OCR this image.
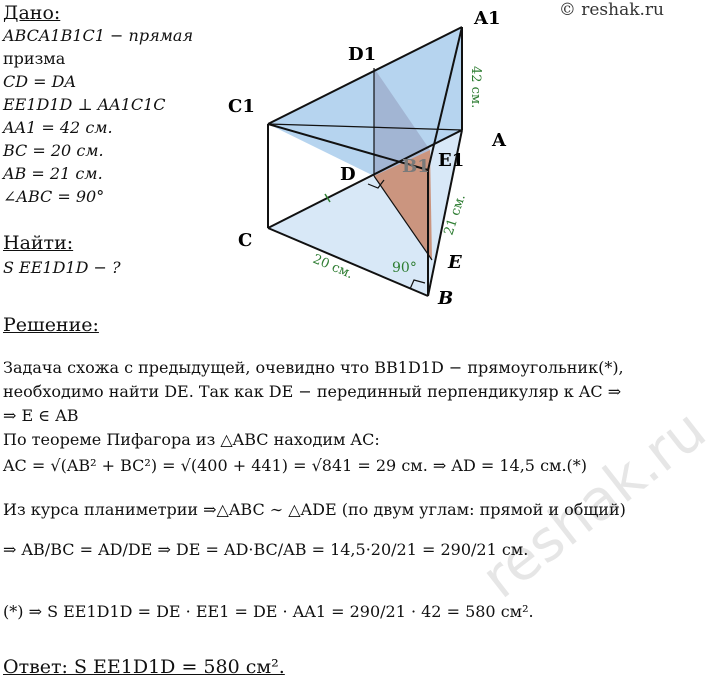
© reshak.ru
reshak.ru
Дано:
ABCA1B1C1 − прямая
призма
CD = DA
EE1D1D ⊥ AA1C1C
AA1 = 42 см.
BC = 20 см.
AB = 21 см.
∠ABC = 90°
Найти:
S EE1D1D − ?
A1
A
C1
C
D1
D	B1 E1
E
B
42 см.
21 см.
20 см.	90°
Решение:
Задача схожа с предыдущей, очевидно что BB1D1D − прямоугольник(*),
необходимо найти DE. Так как DE − перединный перпендикуляр к AC ⇒
⇒ E ∈ AB
По теореме Пифагора из △ABC находим AC:
AC = √(AB² + BC²) = √(400 + 441) = √841 = 29 см. ⇒ AD = 14,5 см.(*)
Из курса планиметрии ⇒△ABC ∼ △ADE (по двум углам: прямой и общий)
⇒ AB/BC = AD/DE ⇒ DE = AD·BC/AB = 14,5·20/21 = 290/21 см.
(*) ⇒ S EE1D1D = DE · EE1 = DE · AA1 = 290/21 · 42 = 580 см².
Ответ: S EE1D1D = 580 см².
